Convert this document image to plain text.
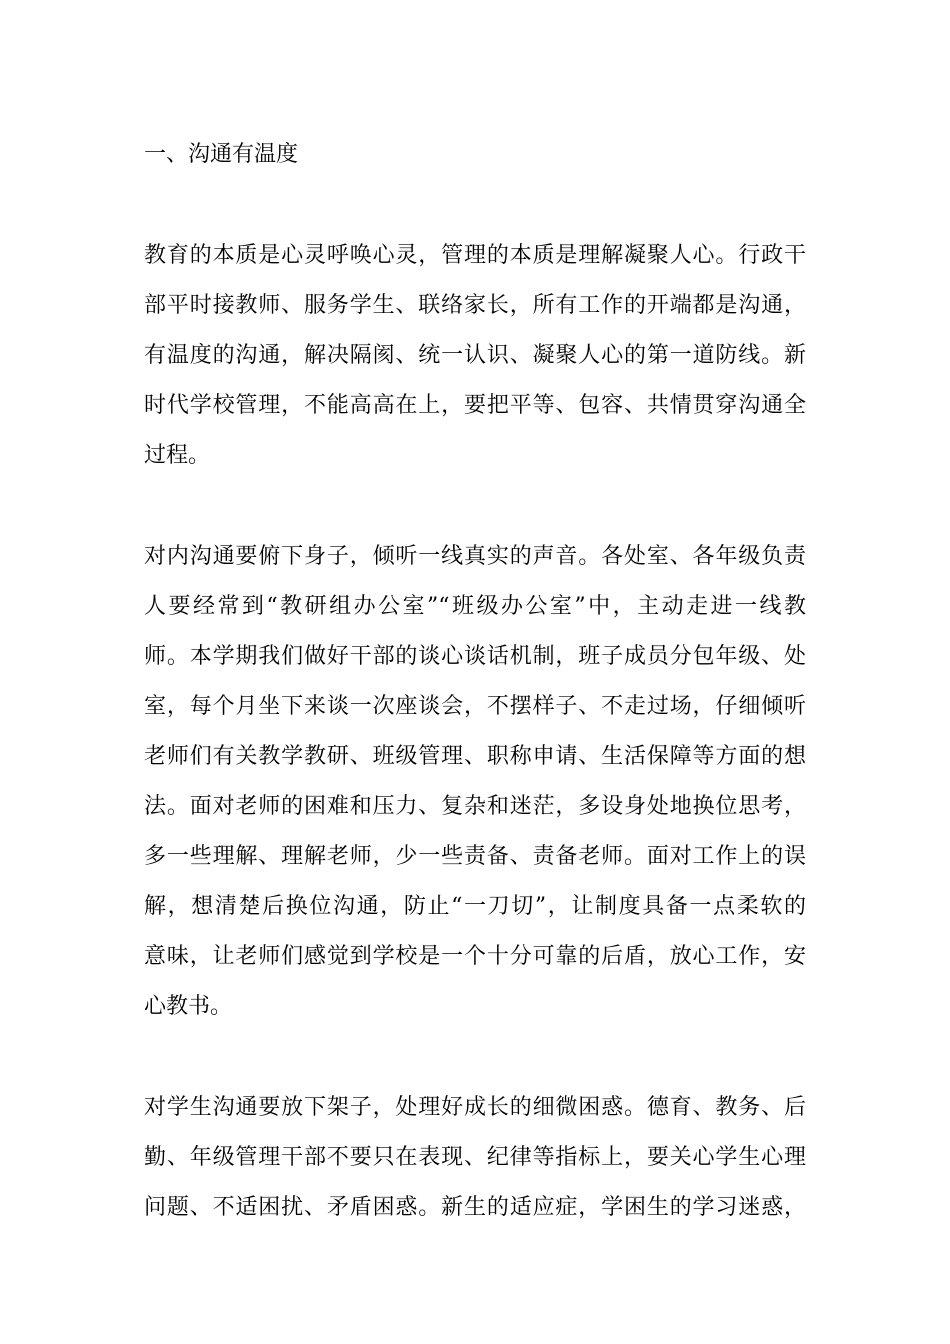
一、沟通有温度
教育的本质是心灵呼唤心灵，管理的本质是理解凝聚人心。行政干
部平时接教师、服务学生、联络家长，所有工作的开端都是沟通，
有温度的沟通，解决隔阂、统一认识、凝聚人心的第一道防线。新
时代学校管理，不能高高在上，要把平等、包容、共情贯穿沟通全
过程。
对内沟通要俯下身子，倾听一线真实的声音。各处室、各年级负责
人要经常到“教研组办公室”“班级办公室”中，主动走进一线教
师。本学期我们做好干部的谈心谈话机制，班子成员分包年级、处
室，每个月坐下来谈一次座谈会，不摆样子、不走过场，仔细倾听
老师们有关教学教研、班级管理、职称申请、生活保障等方面的想
法。面对老师的困难和压力、复杂和迷茫，多设身处地换位思考，
多一些理解、理解老师，少一些责备、责备老师。面对工作上的误
解，想清楚后换位沟通，防止“一刀切”，让制度具备一点柔软的
意味，让老师们感觉到学校是一个十分可靠的后盾，放心工作，安
心教书。
对学生沟通要放下架子，处理好成长的细微困惑。德育、教务、后
勤、年级管理干部不要只在表现、纪律等指标上，要关心学生心理
问题、不适困扰、矛盾困惑。新生的适应症，学困生的学习迷惑，
